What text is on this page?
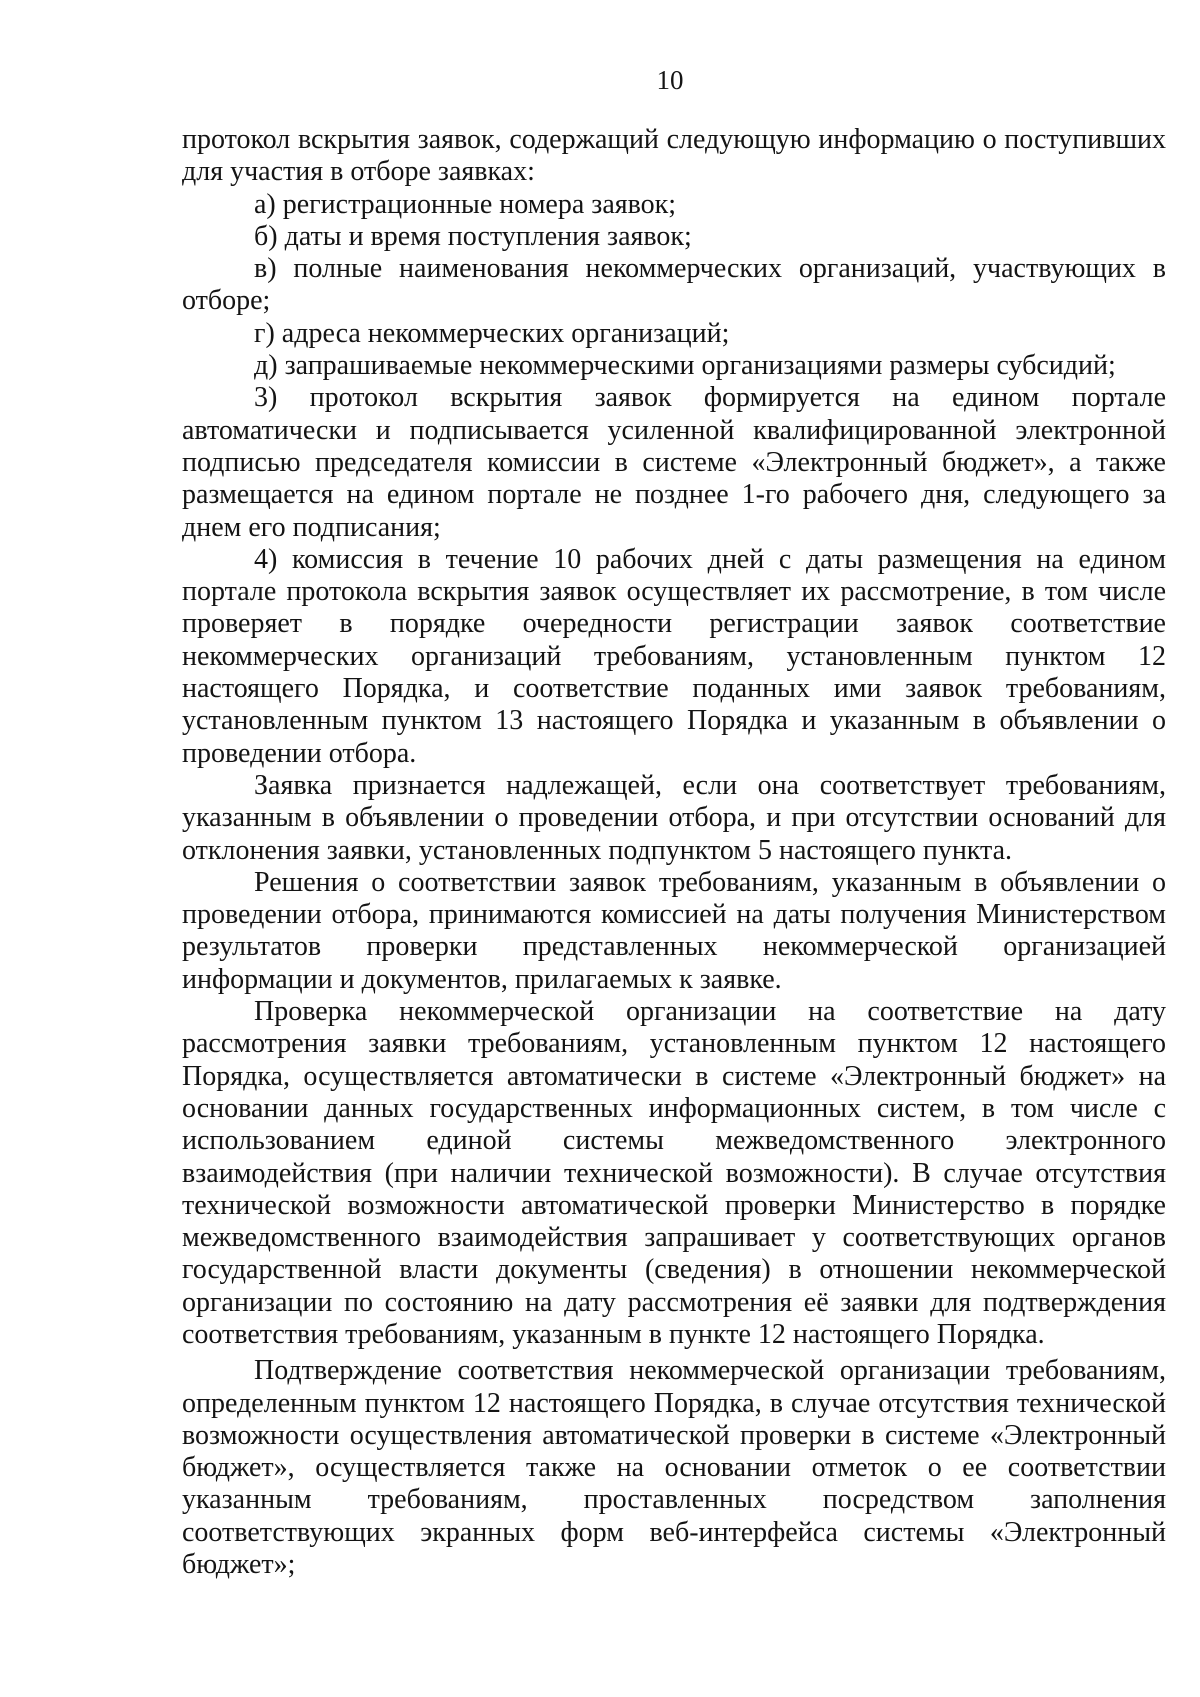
10

протокол вскрытия заявок, содержащий следующую информацию о поступивших для участия в отборе заявках:

а) регистрационные номера заявок;

б) даты и время поступления заявок;

в) полные наименования некоммерческих организаций, участвующих в отборе;

г) адреса некоммерческих организаций;

д) запрашиваемые некоммерческими организациями размеры субсидий;

3) протокол вскрытия заявок формируется на едином портале автоматически и подписывается усиленной квалифицированной электронной подписью председателя комиссии в системе «Электронный бюджет», а также размещается на едином портале не позднее 1-го рабочего дня, следующего за днем его подписания;

4) комиссия в течение 10 рабочих дней с даты размещения на едином портале протокола вскрытия заявок осуществляет их рассмотрение, в том числе проверяет в порядке очередности регистрации заявок соответствие некоммерческих организаций требованиям, установленным пунктом 12 настоящего Порядка, и соответствие поданных ими заявок требованиям, установленным пунктом 13 настоящего Порядка и указанным в объявлении о проведении отбора.

Заявка признается надлежащей, если она соответствует требованиям, указанным в объявлении о проведении отбора, и при отсутствии оснований для отклонения заявки, установленных подпунктом 5 настоящего пункта.

Решения о соответствии заявок требованиям, указанным в объявлении о проведении отбора, принимаются комиссией на даты получения Министерством результатов проверки представленных некоммерческой организацией информации и документов, прилагаемых к заявке.

Проверка некоммерческой организации на соответствие на дату рассмотрения заявки требованиям, установленным пунктом 12 настоящего Порядка, осуществляется автоматически в системе «Электронный бюджет» на основании данных государственных информационных систем, в том числе с использованием единой системы межведомственного электронного взаимодействия (при наличии технической возможности). В случае отсутствия технической возможности автоматической проверки Министерство в порядке межведомственного взаимодействия запрашивает у соответствующих органов государственной власти документы (сведения) в отношении некоммерческой организации по состоянию на дату рассмотрения её заявки для подтверждения соответствия требованиям, указанным в пункте 12 настоящего Порядка.

Подтверждение соответствия некоммерческой организации требованиям, определенным пунктом 12 настоящего Порядка, в случае отсутствия технической возможности осуществления автоматической проверки в системе «Электронный бюджет», осуществляется также на основании отметок о ее соответствии указанным требованиям, проставленных посредством заполнения соответствующих экранных форм веб-интерфейса системы «Электронный бюджет»;
